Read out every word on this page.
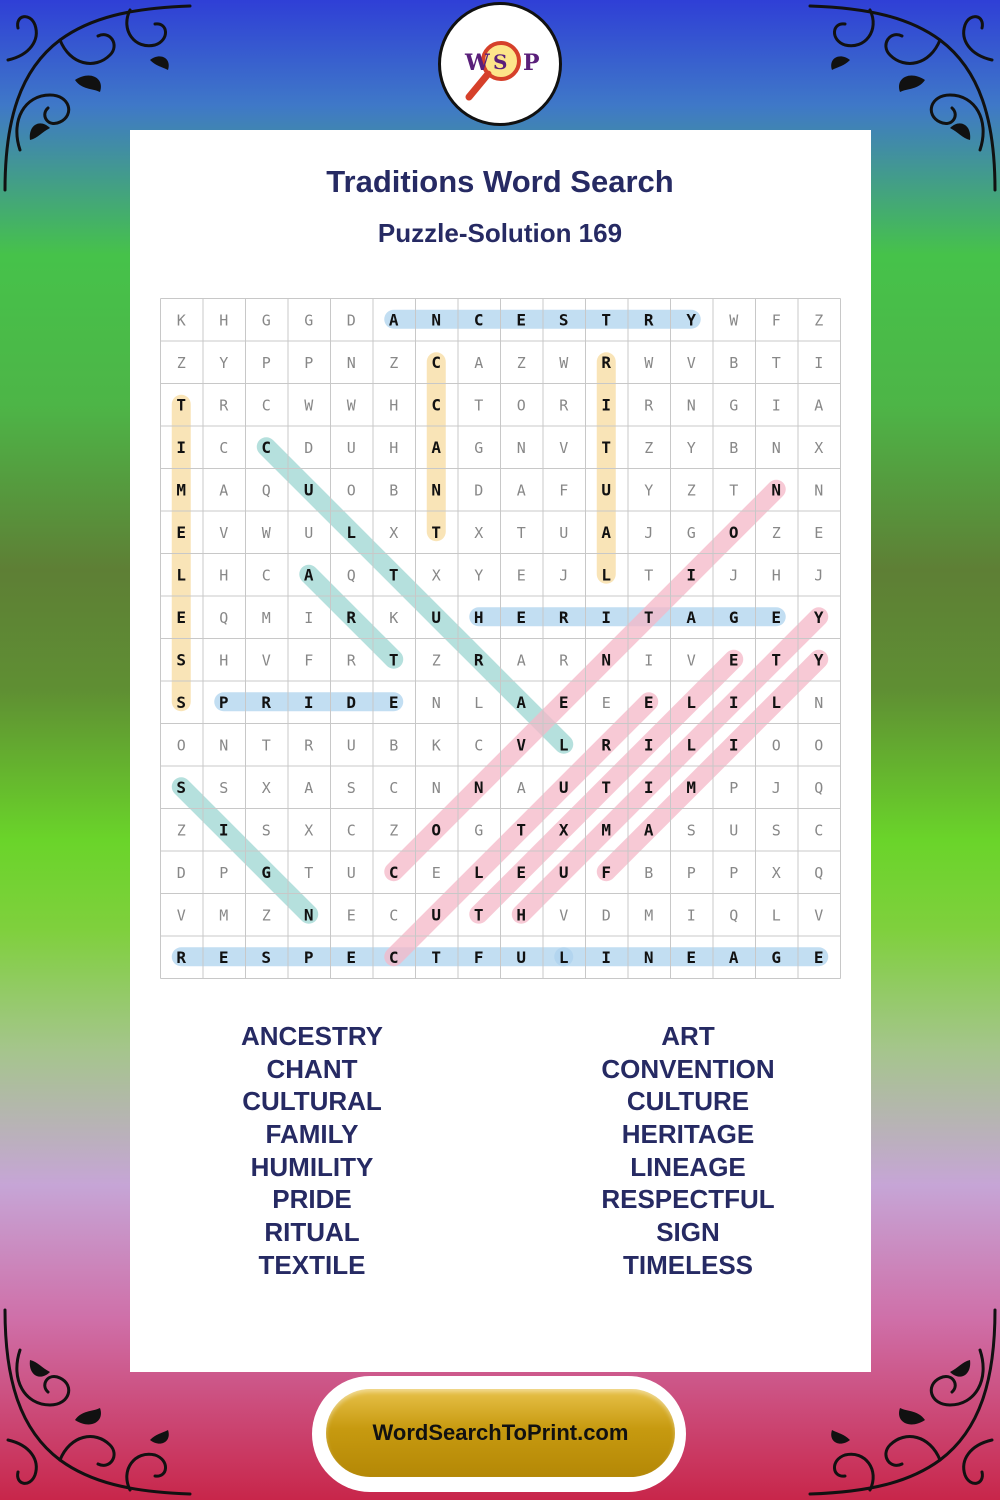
W S P
Traditions Word Search
Puzzle-Solution 169
K H G G D A N C E S T R Y W F Z
Z Y P P N Z C A Z W R W V B T I
T R C W W H C T O R I R N G I A
I C C D U H A G N V T Z Y B N X
M A Q U O B N D A F U Y Z T N N
E V W U L X T X T U A J G O Z E
L H C A Q T X Y E J L T I J H J
E Q M I R K U H E R I T A G E Y
S H V F R T Z R A R N I V E T Y
S P R I D E N L A E E E L I L N
O N T R U B K C V L R I L I O O
S S X A S C N N A U T I M P J Q
Z I S X C Z O G T X M A S U S C
D P G T U C E L E U F B P P X Q
V M Z N E C U T H V D M I Q L V
R E S P E C T F U L I N E A G E
ANCESTRY
CHANT
CULTURAL
FAMILY
HUMILITY
PRIDE
RITUAL
TEXTILE
ART
CONVENTION
CULTURE
HERITAGE
LINEAGE
RESPECTFUL
SIGN
TIMELESS
WordSearchToPrint.com
